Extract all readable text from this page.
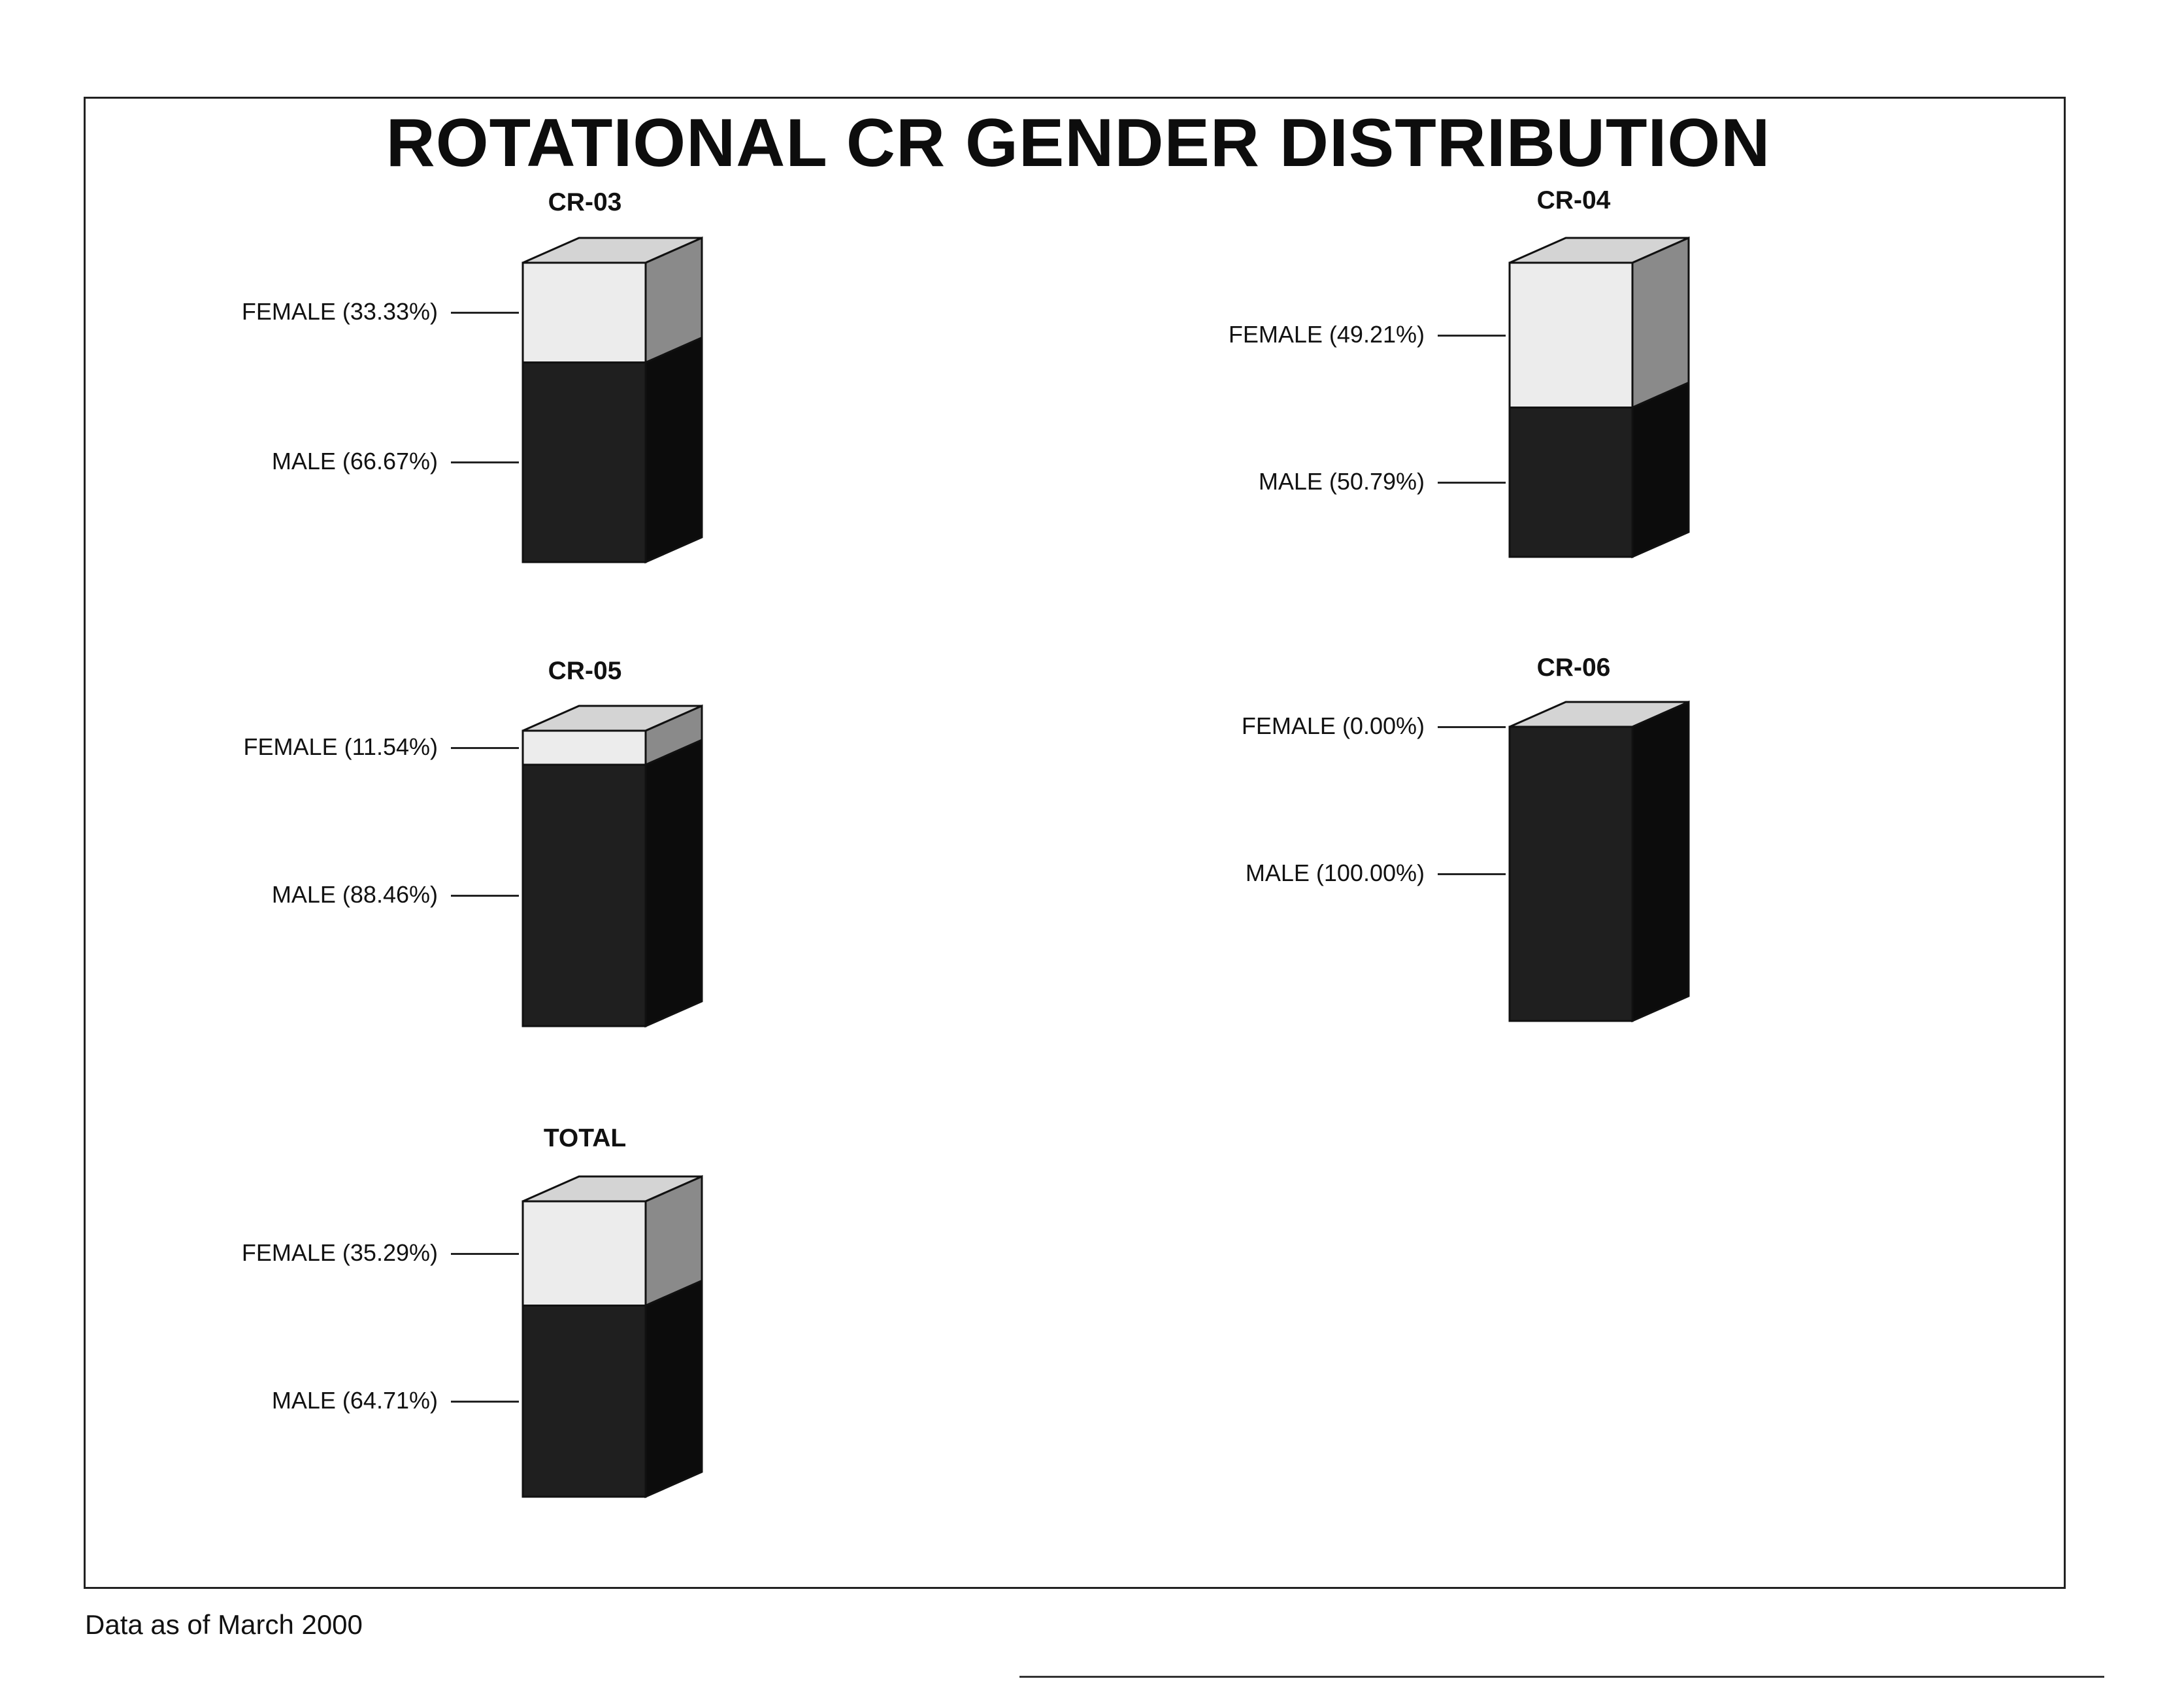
ROTATIONAL CR GENDER DISTRIBUTION
CR-03
FEMALE (33.33%)
MALE (66.67%)
CR-04
FEMALE (49.21%)
MALE (50.79%)
CR-05
FEMALE (11.54%)
MALE (88.46%)
CR-06
FEMALE (0.00%)
MALE (100.00%)
TOTAL
FEMALE (35.29%)
MALE (64.71%)
Data as of March 2000
